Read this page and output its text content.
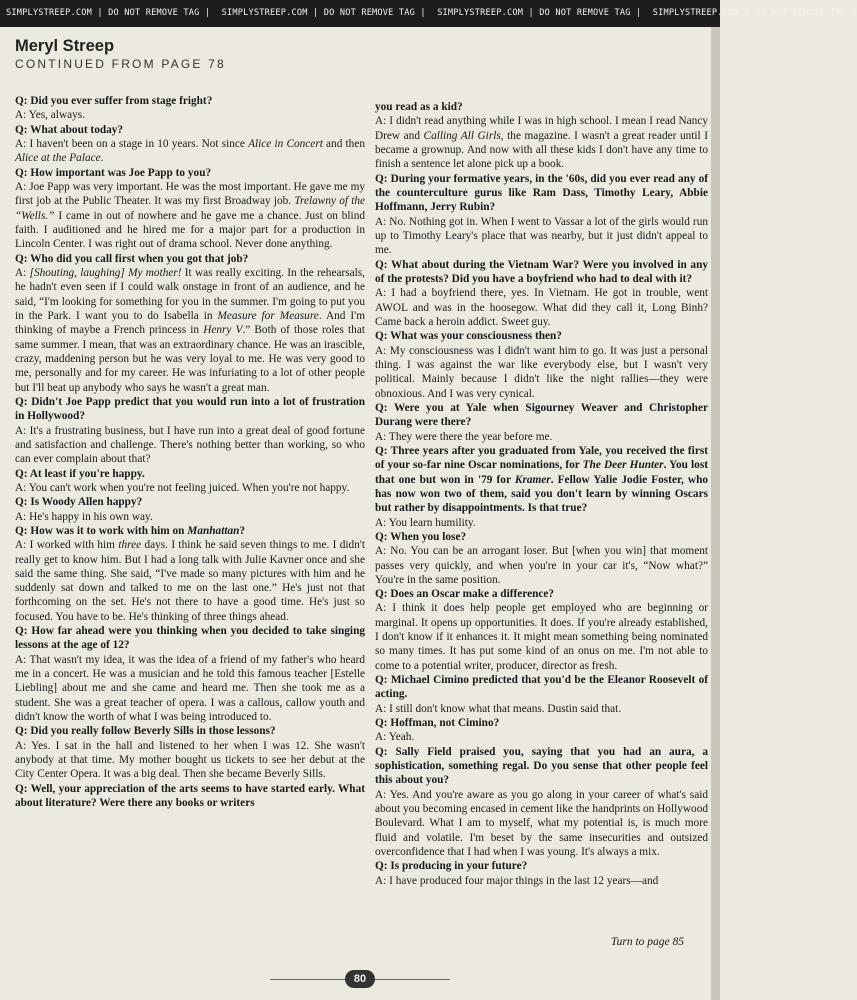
SIMPLYSTREEP.COM | DO NOT REMOVE TAG | SIMPLYSTREEP.COM | DO NOT REMOVE TAG | SIMPLYSTREEP.COM | DO NOT REMOVE TAG | SIMPLYSTREEP.COM | DO NOT REMOVE TAG |
Meryl Streep
CONTINUED FROM PAGE 78

Q: Did you ever suffer from stage fright?

A: Yes, always.

Q: What about today?

A: I haven't been on a stage in 10 years. Not since Alice in Concert and then Alice at the Palace.

Q: How important was Joe Papp to you?

A: Joe Papp was very important. He was the most important. He gave me my first job at the Public Theater. It was my first Broadway job. Trelawny of the “Wells.” I came in out of nowhere and he gave me a chance. Just on blind faith. I auditioned and he hired me for a major part for a production in Lincoln Center. I was right out of drama school. Never done anything.

Q: Who did you call first when you got that job?

A: [Shouting, laughing] My mother! It was really exciting. In the rehearsals, he hadn't even seen if I could walk onstage in front of an audience, and he said, “I'm looking for something for you in the summer. I'm going to put you in the Park. I want you to do Isabella in Measure for Measure. And I'm thinking of maybe a French princess in Henry V.” Both of those roles that same summer. I mean, that was an extraordinary chance. He was an irascible, crazy, maddening person but he was very loyal to me. He was very good to me, personally and for my career. He was infuriating to a lot of other people but I'll beat up anybody who says he wasn't a great man.

Q: Didn't Joe Papp predict that you would run into a lot of frustration in Hollywood?

A: It's a frustrating business, but I have run into a great deal of good fortune and satisfaction and challenge. There's nothing better than working, so who can ever complain about that?

Q: At least if you're happy.

A: You can't work when you're not feeling juiced. When you're not happy.

Q: Is Woody Allen happy?

A: He's happy in his own way.

Q: How was it to work with him on Manhattan?

A: I worked with him three days. I think he said seven things to me. I didn't really get to know him. But I had a long talk with Julie Kavner once and she said the same thing. She said, “I've made so many pictures with him and he suddenly sat down and talked to me on the last one.” He's just not that forthcoming on the set. He's not there to have a good time. He's just so focused. You have to be. He's thinking of three things ahead.

Q: How far ahead were you thinking when you decided to take singing lessons at the age of 12?

A: That wasn't my idea, it was the idea of a friend of my father's who heard me in a concert. He was a musician and he told this famous teacher [Estelle Liebling] about me and she came and heard me. Then she took me as a student. She was a great teacher of opera. I was a callous, callow youth and didn't know the worth of what I was being introduced to.

Q: Did you really follow Beverly Sills in those lessons?

A: Yes. I sat in the hall and listened to her when I was 12. She wasn't anybody at that time. My mother bought us tickets to see her debut at the City Center Opera. It was a big deal. Then she became Beverly Sills.

Q: Well, your appreciation of the arts seems to have started early. What about literature? Were there any books or writers

you read as a kid?

A: I didn't read anything while I was in high school. I mean I read Nancy Drew and Calling All Girls, the magazine. I wasn't a great reader until I became a grownup. And now with all these kids I don't have any time to finish a sentence let alone pick up a book.

Q: During your formative years, in the '60s, did you ever read any of the counterculture gurus like Ram Dass, Timothy Leary, Abbie Hoffmann, Jerry Rubin?

A: No. Nothing got in. When I went to Vassar a lot of the girls would run up to Timothy Leary's place that was nearby, but it just didn't appeal to me.

Q: What about during the Vietnam War? Were you involved in any of the protests? Did you have a boyfriend who had to deal with it?

A: I had a boyfriend there, yes. In Vietnam. He got in trouble, went AWOL and was in the hoosegow. What did they call it, Long Binh? Came back a heroin addict. Sweet guy.

Q: What was your consciousness then?

A: My consciousness was I didn't want him to go. It was just a personal thing. I was against the war like everybody else, but I wasn't very political. Mainly because I didn't like the night rallies—they were obnoxious. And I was very cynical.

Q: Were you at Yale when Sigourney Weaver and Christopher Durang were there?

A: They were there the year before me.

Q: Three years after you graduated from Yale, you received the first of your so-far nine Oscar nominations, for The Deer Hunter. You lost that one but won in '79 for Kramer. Fellow Yalie Jodie Foster, who has now won two of them, said you don't learn by winning Oscars but rather by disappointments. Is that true?

A: You learn humility.

Q: When you lose?

A: No. You can be an arrogant loser. But [when you win] that moment passes very quickly, and when you're in your car it's, “Now what?” You're in the same position.

Q: Does an Oscar make a difference?

A: I think it does help people get employed who are beginning or marginal. It opens up opportunities. It does. If you're already established, I don't know if it enhances it. It might mean something being nominated so many times. It has put some kind of an onus on me. I'm not able to come to a potential writer, producer, director as fresh.

Q: Michael Cimino predicted that you'd be the Eleanor Roosevelt of acting.

A: I still don't know what that means. Dustin said that.

Q: Hoffman, not Cimino?

A: Yeah.

Q: Sally Field praised you, saying that you had an aura, a sophistication, something regal. Do you sense that other people feel this about you?

A: Yes. And you're aware as you go along in your career of what's said about you becoming encased in cement like the handprints on Hollywood Boulevard. What I am to myself, what my potential is, is much more fluid and volatile. I'm beset by the same insecurities and outsized overconfidence that I had when I was young. It's always a mix.

Q: Is producing in your future?

A: I have produced four major things in the last 12 years—and

Turn to page 85
80
